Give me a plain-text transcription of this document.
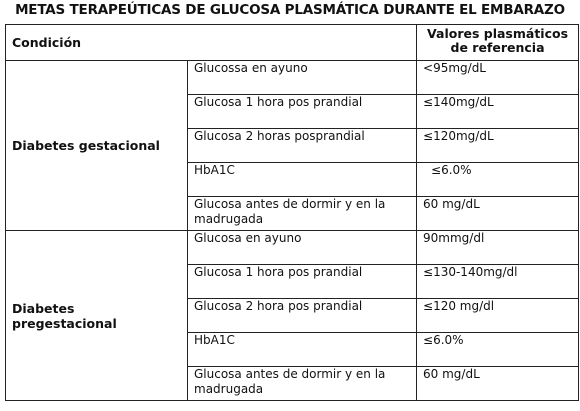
METAS TERAPEÚTICAS DE GLUCOSA PLASMÁTICA DURANTE EL EMBARAZO
Condición		Valores plasmáticos de referencia
Diabetes gestacional	Glucossa en ayuno	<95mg/dL
	Glucosa 1 hora pos prandial	≤140mg/dL
	Glucosa 2 horas posprandial	≤120mg/dL
	HbA1C	≤6.0%
	Glucosa antes de dormir y en la madrugada	60 mg/dL
Diabetes pregestacional	Glucosa en ayuno	90mmg/dl
	Glucosa 1 hora pos prandial	≤130-140mg/dl
	Glucosa 2 hora pos prandial	≤120 mg/dl
	HbA1C	≤6.0%
	Glucosa antes de dormir y en la madrugada	60 mg/dL
